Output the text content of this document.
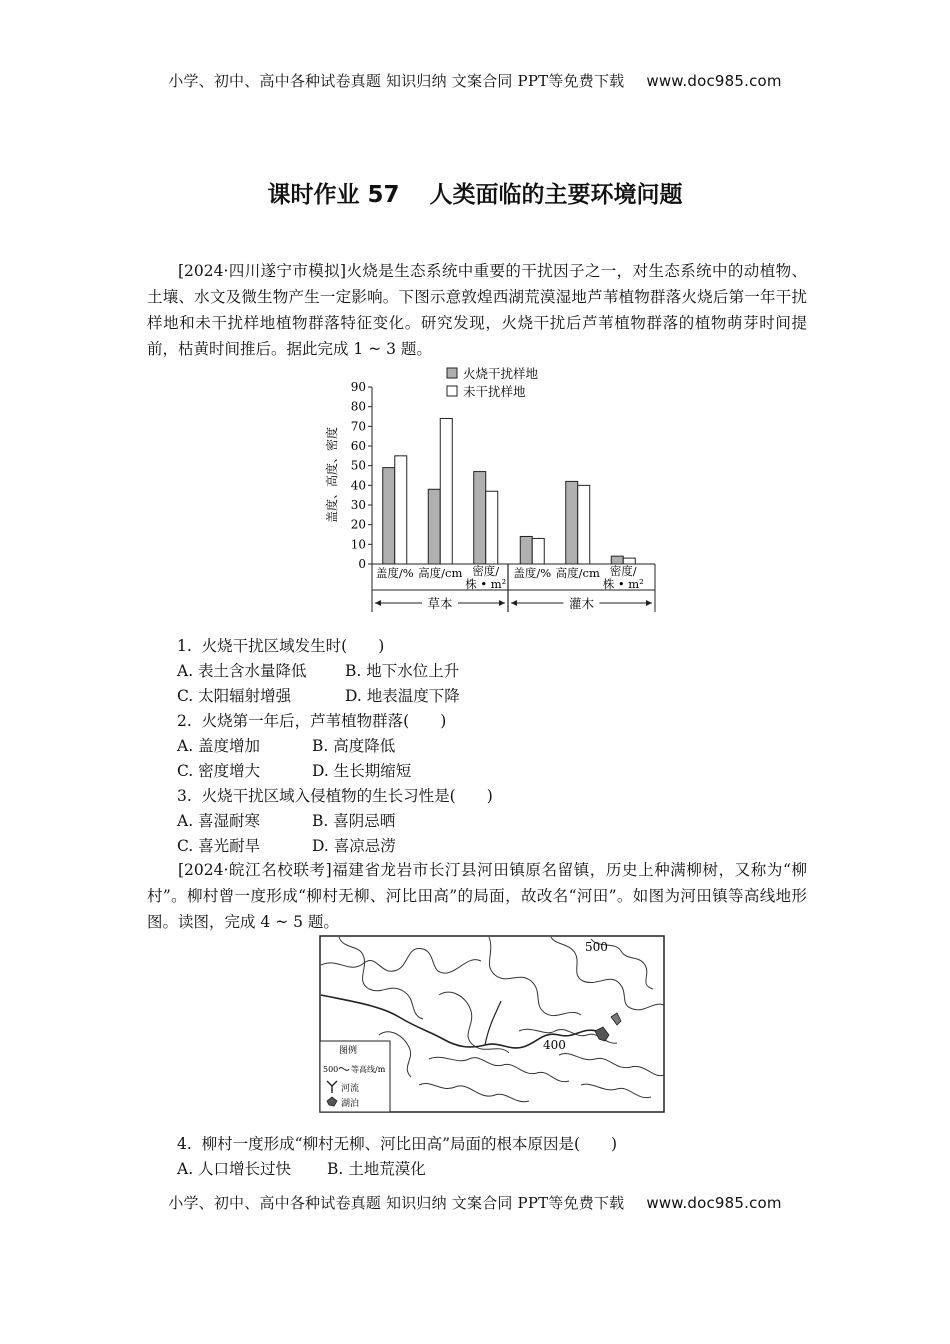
小学、初中、高中各种试卷真题 知识归纳 文案合同 PPT等免费下载 www.doc985.com
课时作业 57 人类面临的主要环境问题
[2024·四川遂宁市模拟]火烧是生态系统中重要的干扰因子之一，对生态系统中的动植物、土壤、水文及微生物产生一定影响。下图示意敦煌西湖荒漠湿地芦苇植物群落火烧后第一年干扰样地和未干扰样地植物群落特征变化。研究发现，火烧干扰后芦苇植物群落的植物萌芽时间提前，枯黄时间推后。据此完成 1 ~ 3 题。
0
10
20
30
40
50
60
70
80
90
盖度、高度、密度
盖度/% 高度/cm 密度/
株 • m²
盖度/% 高度/cm 密度/
株 • m²
草本	灌木
火烧干扰样地
未干扰样地
1.  火烧干扰区域发生时(　　)
A. 表土含水量降低 B. 地下水位上升
C. 太阳辐射增强	D. 地表温度下降
2.  火烧第一年后，芦苇植物群落(　　)
A. 盖度增加	B. 高度降低
C. 密度增大	D. 生长期缩短
3.  火烧干扰区域入侵植物的生长习性是(　　)
A. 喜湿耐寒	B. 喜阴忌晒
C. 喜光耐旱	D. 喜凉忌涝
[2024·皖江名校联考]福建省龙岩市长汀县河田镇原名留镇，历史上种满柳树，又称为“柳村”。柳村曾一度形成“柳村无柳、河比田高”的局面，故改名“河田”。如图为河田镇等高线地形图。读图，完成 4 ~ 5 题。
500
400
图例
500 等高线/m
河流
湖泊
4.  柳村一度形成“柳村无柳、河比田高”局面的根本原因是(　　)
A. 人口增长过快 B. 土地荒漠化
小学、初中、高中各种试卷真题 知识归纳 文案合同 PPT等免费下载 www.doc985.com
